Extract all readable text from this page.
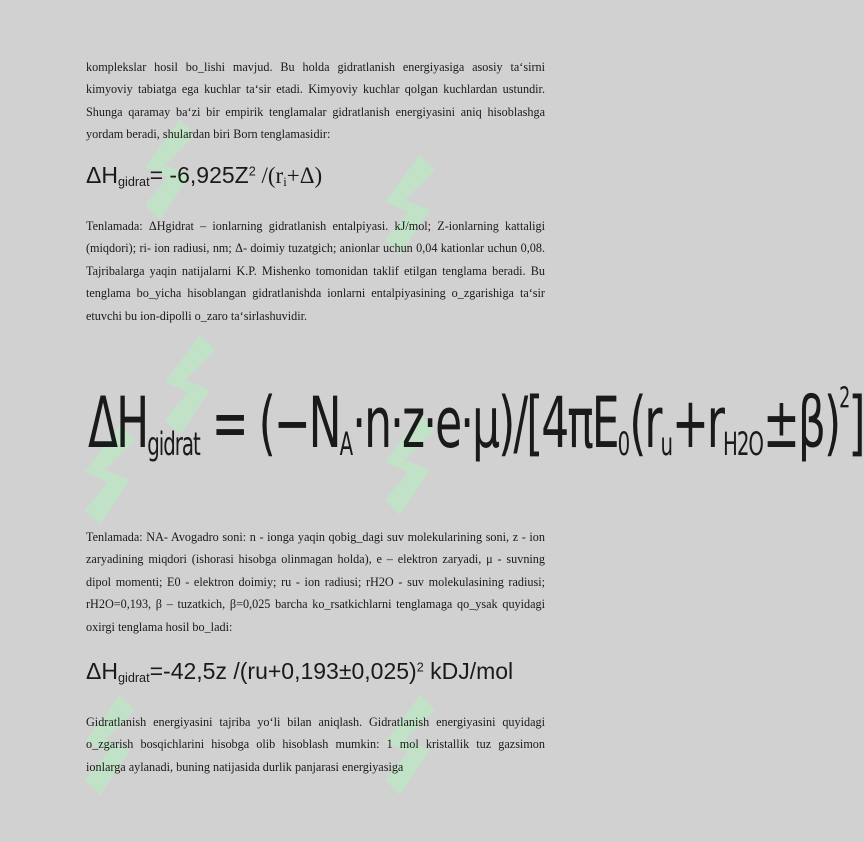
komplekslar hosil bo_lishi mavjud. Bu holda gidratlanish energiyasiga asosiy ta‘sirni kimyoviy tabiatga ega kuchlar ta‘sir etadi. Kimyoviy kuchlar qolgan kuchlardan ustundir. Shunga qaramay ba‘zi bir empirik tenglamalar gidratlanish energiyasini aniq hisoblashga yordam beradi, shulardan biri Born tenglamasidir:

$\Delta H_{gidrat}= -6,925Z^2$ $/(r_i+\Delta)$

Tenlamada: ΔHgidrat – ionlarning gidratlanish entalpiyasi. kJ/mol; Z-ionlarning kattaligi (miqdori); ri- ion radiusi, nm; Δ- doimiy tuzatgich; anionlar uchun 0,04 kationlar uchun 0,08. Tajribalarga yaqin natijalarni K.P. Mishenko tomonidan taklif etilgan tenglama beradi. Bu tenglama bo_yicha hisoblangan gidratlanishda ionlarni entalpiyasining o_zgarishiga ta‘sir etuvchi bu ion-dipolli o_zaro ta‘sirlashuvidir.

$\Delta H_{gidrat} = (-N_A\cdot n\cdot z\cdot e\cdot\mu)/[4\pi E_0(r_u+r_{H2O}\pm\beta)^2]$

Tenlamada: NA- Avogadro soni: n - ionga yaqin qobig_dagi suv molekularining soni, z - ion zaryadining miqdori (ishorasi hisobga olinmagan holda), e – elektron zaryadi, μ - suvning dipol momenti; E0 - elektron doimiy; ru - ion radiusi; rH2O - suv molekulasining radiusi; rH2O=0,193, β – tuzatkich, β=0,025 barcha ko_rsatkichlarni tenglamaga qo_ysak quyidagi oxirgi tenglama hosil bo_ladi:

$\Delta H_{gidrat}=-42,5z$ $/(ru+0,193\pm 0,025)^2$ kDJ/mol

Gidratlanish energiyasini tajriba yo‘li bilan aniqlash. Gidratlanish energiyasini quyidagi o_zgarish bosqichlarini hisobga olib hisoblash mumkin: 1 mol kristallik tuz gazsimon ionlarga aylanadi, buning natijasida durlik panjarasi energiyasiga
